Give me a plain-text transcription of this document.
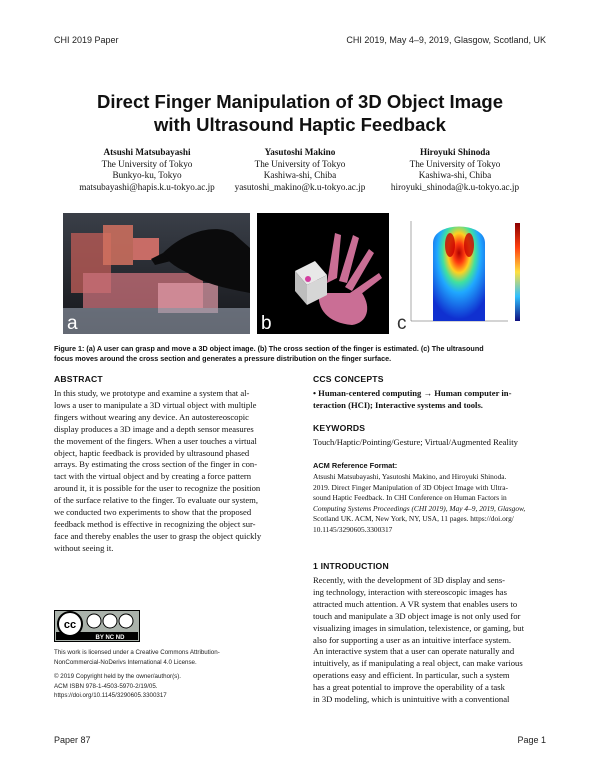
CHI 2019 Paper	CHI 2019, May 4–9, 2019, Glasgow, Scotland, UK
Direct Finger Manipulation of 3D Object Image
with Ultrasound Haptic Feedback
Atsushi Matsubayashi
The University of Tokyo
Bunkyo-ku, Tokyo
matsubayashi@hapis.k.u-tokyo.ac.jp
Yasutoshi Makino
The University of Tokyo
Kashiwa-shi, Chiba
yasutoshi_makino@k.u-tokyo.ac.jp
Hiroyuki Shinoda
The University of Tokyo
Kashiwa-shi, Chiba
hiroyuki_shinoda@k.u-tokyo.ac.jp
a	b	c
Figure 1: (a) A user can grasp and move a 3D object image. (b) The cross section of the finger is estimated. (c) The ultrasound
focus moves around the cross section and generates a pressure distribution on the finger surface.
ABSTRACT
In this study, we prototype and examine a system that al-
lows a user to manipulate a 3D virtual object with multiple
fingers without wearing any device. An autostereoscopic
display produces a 3D image and a depth sensor measures
the movement of the fingers. When a user touches a virtual
object, haptic feedback is provided by ultrasound phased
arrays. By estimating the cross section of the finger in con-
tact with the virtual object and by creating a force pattern
around it, it is possible for the user to recognize the position
of the surface relative to the finger. To evaluate our system,
we conducted two experiments to show that the proposed
feedback method is effective in recognizing the object sur-
face and thereby enables the user to grasp the object quickly
without seeing it.
cc
BY NC ND
This work is licensed under a Creative Commons Attribution-
NonCommercial-NoDerivs International 4.0 License.
© 2019 Copyright held by the owner/author(s).
ACM ISBN 978-1-4503-5970-2/19/05.
https://doi.org/10.1145/3290605.3300317
CCS CONCEPTS
• Human-centered computing → Human computer in-
teraction (HCI); Interactive systems and tools.
KEYWORDS
Touch/Haptic/Pointing/Gesture; Virtual/Augmented Reality
ACM Reference Format:
Atsushi Matsubayashi, Yasutoshi Makino, and Hiroyuki Shinoda.
2019. Direct Finger Manipulation of 3D Object Image with Ultra-
sound Haptic Feedback. In CHI Conference on Human Factors in
Computing Systems Proceedings (CHI 2019), May 4–9, 2019, Glasgow,
Scotland UK. ACM, New York, NY, USA, 11 pages. https://doi.org/
10.1145/3290605.3300317
1 INTRODUCTION
Recently, with the development of 3D display and sens-
ing technology, interaction with stereoscopic images has
attracted much attention. A VR system that enables users to
touch and manipulate a 3D object image is not only used for
visualizing images in simulation, telexistence, or gaming, but
also for supporting a user as an intuitive interface system.
An interactive system that a user can operate naturally and
intuitively, as if manipulating a real object, can make various
operations easy and efficient. In particular, such a system
has a great potential to improve the operability of a task
in 3D modeling, which is unintuitive with a conventional
Paper 87	Page 1
